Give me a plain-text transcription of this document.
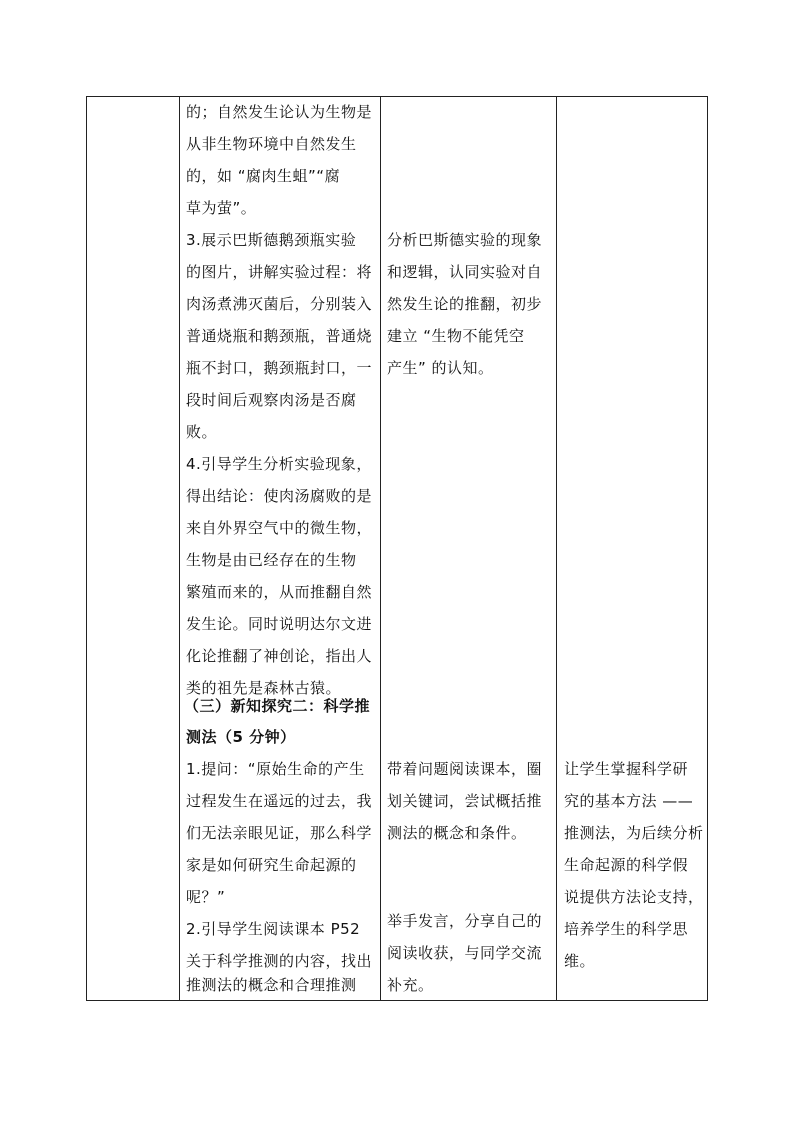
的；自然发生论认为生物是
从非生物环境中自然发生
的，如 “腐肉生蛆”“腐
草为萤”。
3.展示巴斯德鹅颈瓶实验
的图片，讲解实验过程：将
肉汤煮沸灭菌后，分别装入
普通烧瓶和鹅颈瓶，普通烧
瓶不封口，鹅颈瓶封口，一
段时间后观察肉汤是否腐
败。
4.引导学生分析实验现象，
得出结论：使肉汤腐败的是
来自外界空气中的微生物，
生物是由已经存在的生物
繁殖而来的，从而推翻自然
发生论。同时说明达尔文进
化论推翻了神创论，指出人
类的祖先是森林古猿。
（三）新知探究二：科学推
测法（5 分钟）
1.提问：“原始生命的产生
过程发生在遥远的过去，我
们无法亲眼见证，那么科学
家是如何研究生命起源的
呢？”
2.引导学生阅读课本 P52
关于科学推测的内容，找出
推测法的概念和合理推测
分析巴斯德实验的现象
和逻辑，认同实验对自
然发生论的推翻，初步
建立 “生物不能凭空
产生” 的认知。
带着问题阅读课本，圈
划关键词，尝试概括推
测法的概念和条件。
举手发言，分享自己的
阅读收获，与同学交流
补充。
让学生掌握科学研
究的基本方法 ——
推测法，为后续分析
生命起源的科学假
说提供方法论支持，
培养学生的科学思
维。
